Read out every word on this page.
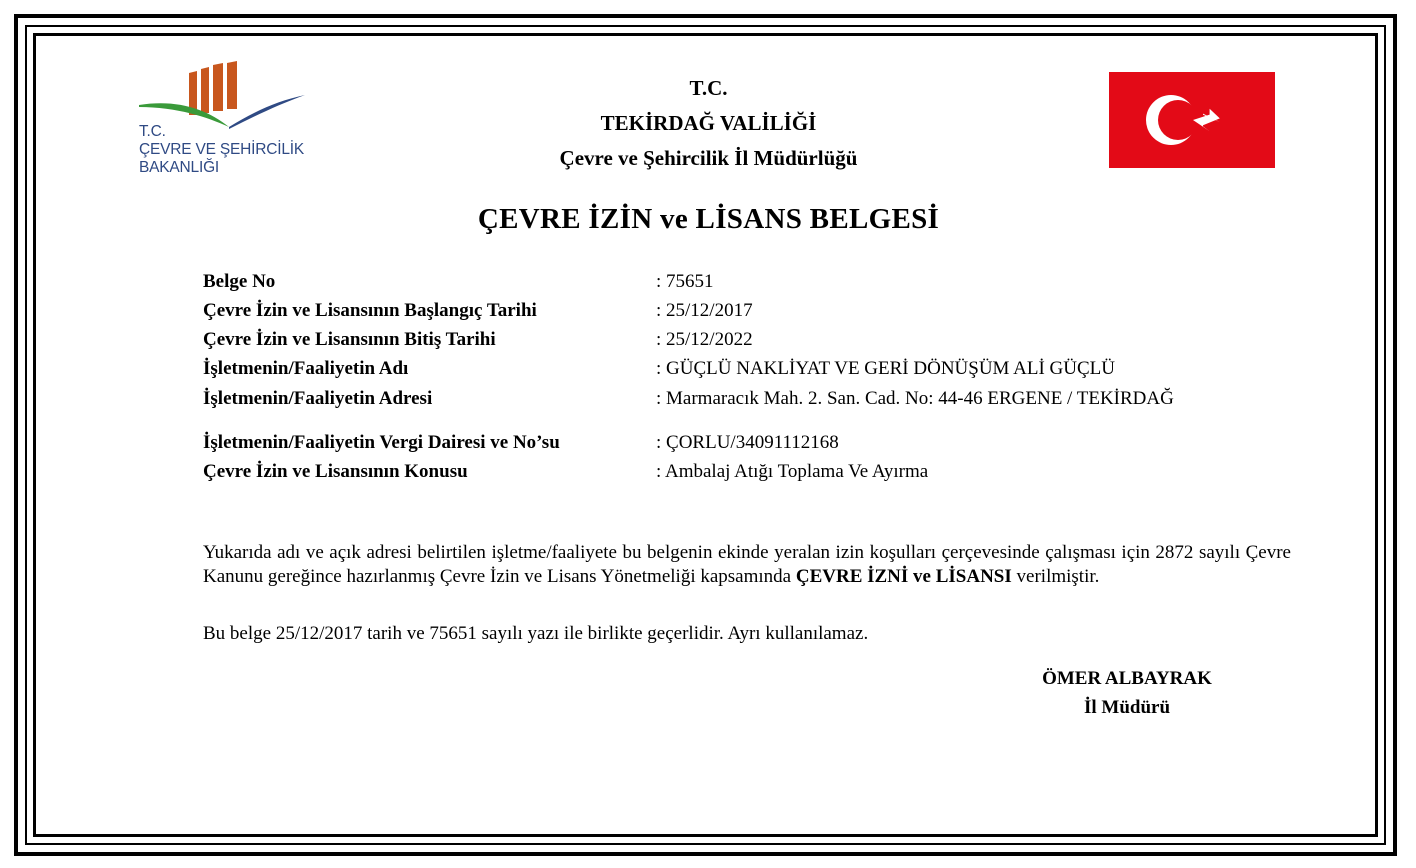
T.C.
ÇEVRE VE ŞEHİRCİLİK
BAKANLIĞI
T.C.
TEKİRDAĞ VALİLİĞİ
Çevre ve Şehircilik İl Müdürlüğü
ÇEVRE İZİN ve LİSANS BELGESİ
Belge No	: 75651
Çevre İzin ve Lisansının Başlangıç Tarihi	: 25/12/2017
Çevre İzin ve Lisansının Bitiş Tarihi	: 25/12/2022
İşletmenin/Faaliyetin Adı	: GÜÇLÜ NAKLİYAT VE GERİ DÖNÜŞÜM ALİ GÜÇLÜ
İşletmenin/Faaliyetin Adresi	: Marmaracık Mah. 2. San. Cad. No: 44-46 ERGENE / TEKİRDAĞ
İşletmenin/Faaliyetin Vergi Dairesi ve No’su	: ÇORLU/34091112168
Çevre İzin ve Lisansının Konusu	: Ambalaj Atığı Toplama Ve Ayırma
Yukarıda adı ve açık adresi belirtilen işletme/faaliyete bu belgenin ekinde yeralan izin koşulları çerçevesinde çalışması için 2872 sayılı Çevre Kanunu gereğince hazırlanmış Çevre İzin ve Lisans Yönetmeliği kapsamında ÇEVRE İZNİ ve LİSANSI verilmiştir.
Bu belge 25/12/2017 tarih ve 75651 sayılı yazı ile birlikte geçerlidir. Ayrı kullanılamaz.
ÖMER ALBAYRAK
İl Müdürü
